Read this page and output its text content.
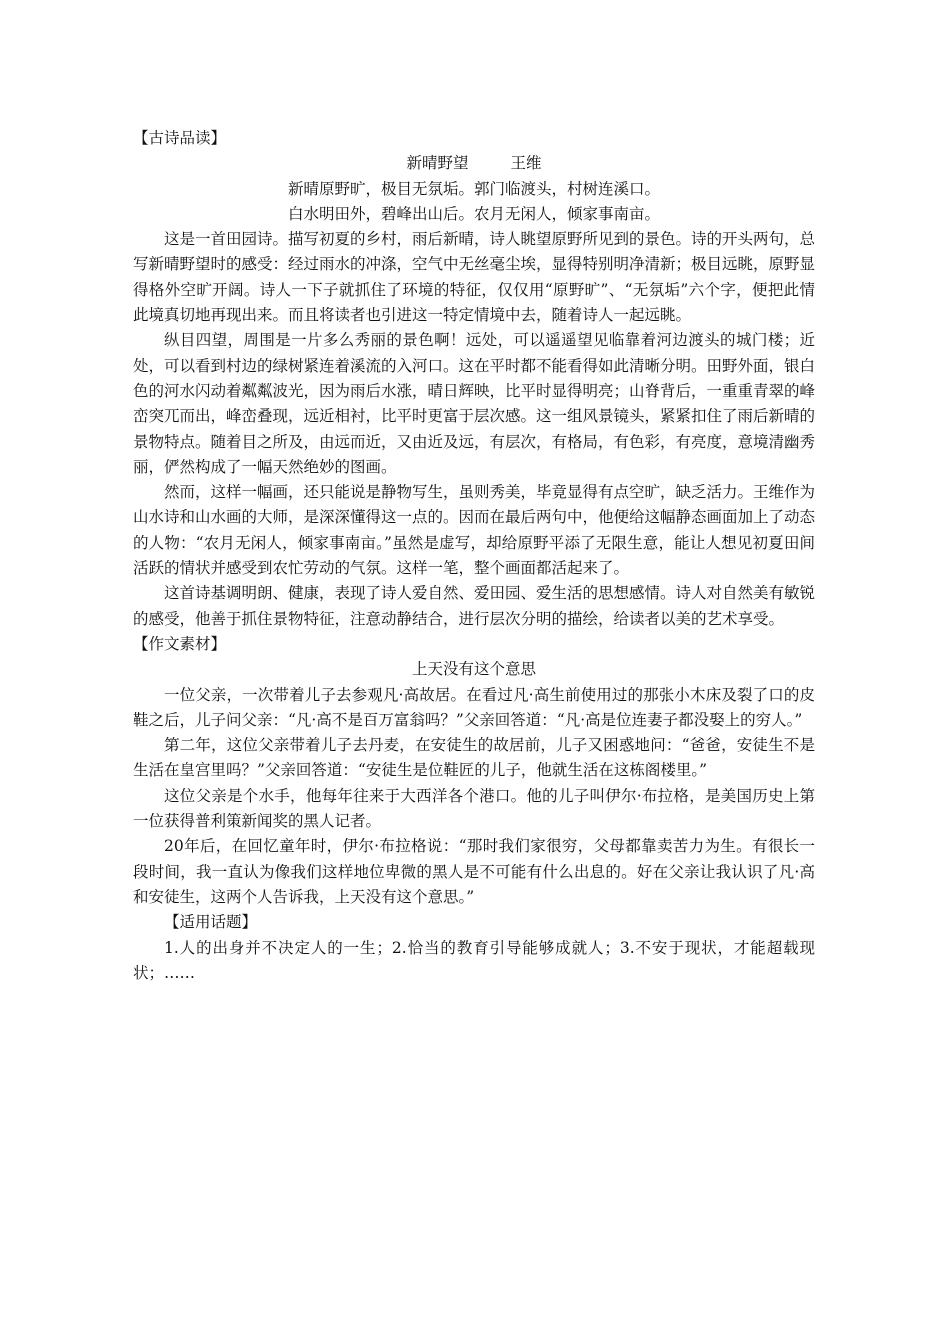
【古诗品读】

新晴野望	王维

新晴原野旷，极目无氛垢。郭门临渡头，村树连溪口。

白水明田外，碧峰出山后。农月无闲人，倾家事南亩。

这是一首田园诗。描写初夏的乡村，雨后新晴，诗人眺望原野所见到的景色。诗的开头两句，总写新晴野望时的感受：经过雨水的冲涤，空气中无丝毫尘埃，显得特别明净清新；极目远眺，原野显得格外空旷开阔。诗人一下子就抓住了环境的特征，仅仅用“原野旷”、“无氛垢”六个字，便把此情此境真切地再现出来。而且将读者也引进这一特定情境中去，随着诗人一起远眺。

纵目四望，周围是一片多么秀丽的景色啊！远处，可以遥遥望见临靠着河边渡头的城门楼；近处，可以看到村边的绿树紧连着溪流的入河口。这在平时都不能看得如此清晰分明。田野外面，银白色的河水闪动着粼粼波光，因为雨后水涨，晴日辉映，比平时显得明亮；山脊背后，一重重青翠的峰峦突兀而出，峰峦叠现，远近相衬，比平时更富于层次感。这一组风景镜头，紧紧扣住了雨后新晴的景物特点。随着目之所及，由远而近，又由近及远，有层次，有格局，有色彩，有亮度，意境清幽秀丽，俨然构成了一幅天然绝妙的图画。

然而，这样一幅画，还只能说是静物写生，虽则秀美，毕竟显得有点空旷，缺乏活力。王维作为山水诗和山水画的大师，是深深懂得这一点的。因而在最后两句中，他便给这幅静态画面加上了动态的人物：“农月无闲人，倾家事南亩。”虽然是虚写，却给原野平添了无限生意，能让人想见初夏田间活跃的情状并感受到农忙劳动的气氛。这样一笔，整个画面都活起来了。

这首诗基调明朗、健康，表现了诗人爱自然、爱田园、爱生活的思想感情。诗人对自然美有敏锐的感受，他善于抓住景物特征，注意动静结合，进行层次分明的描绘，给读者以美的艺术享受。

【作文素材】

上天没有这个意思

一位父亲，一次带着儿子去参观凡·高故居。在看过凡·高生前使用过的那张小木床及裂了口的皮鞋之后，儿子问父亲：“凡·高不是百万富翁吗？”父亲回答道：“凡·高是位连妻子都没娶上的穷人。”

第二年，这位父亲带着儿子去丹麦，在安徒生的故居前，儿子又困惑地问：“爸爸，安徒生不是生活在皇宫里吗？”父亲回答道：“安徒生是位鞋匠的儿子，他就生活在这栋阁楼里。”

这位父亲是个水手，他每年往来于大西洋各个港口。他的儿子叫伊尔·布拉格，是美国历史上第一位获得普利策新闻奖的黑人记者。

20年后，在回忆童年时，伊尔·布拉格说：“那时我们家很穷，父母都靠卖苦力为生。有很长一段时间，我一直认为像我们这样地位卑微的黑人是不可能有什么出息的。好在父亲让我认识了凡·高和安徒生，这两个人告诉我，上天没有这个意思。”

【适用话题】

1.人的出身并不决定人的一生；2.恰当的教育引导能够成就人；3.不安于现状，才能超载现状；……
